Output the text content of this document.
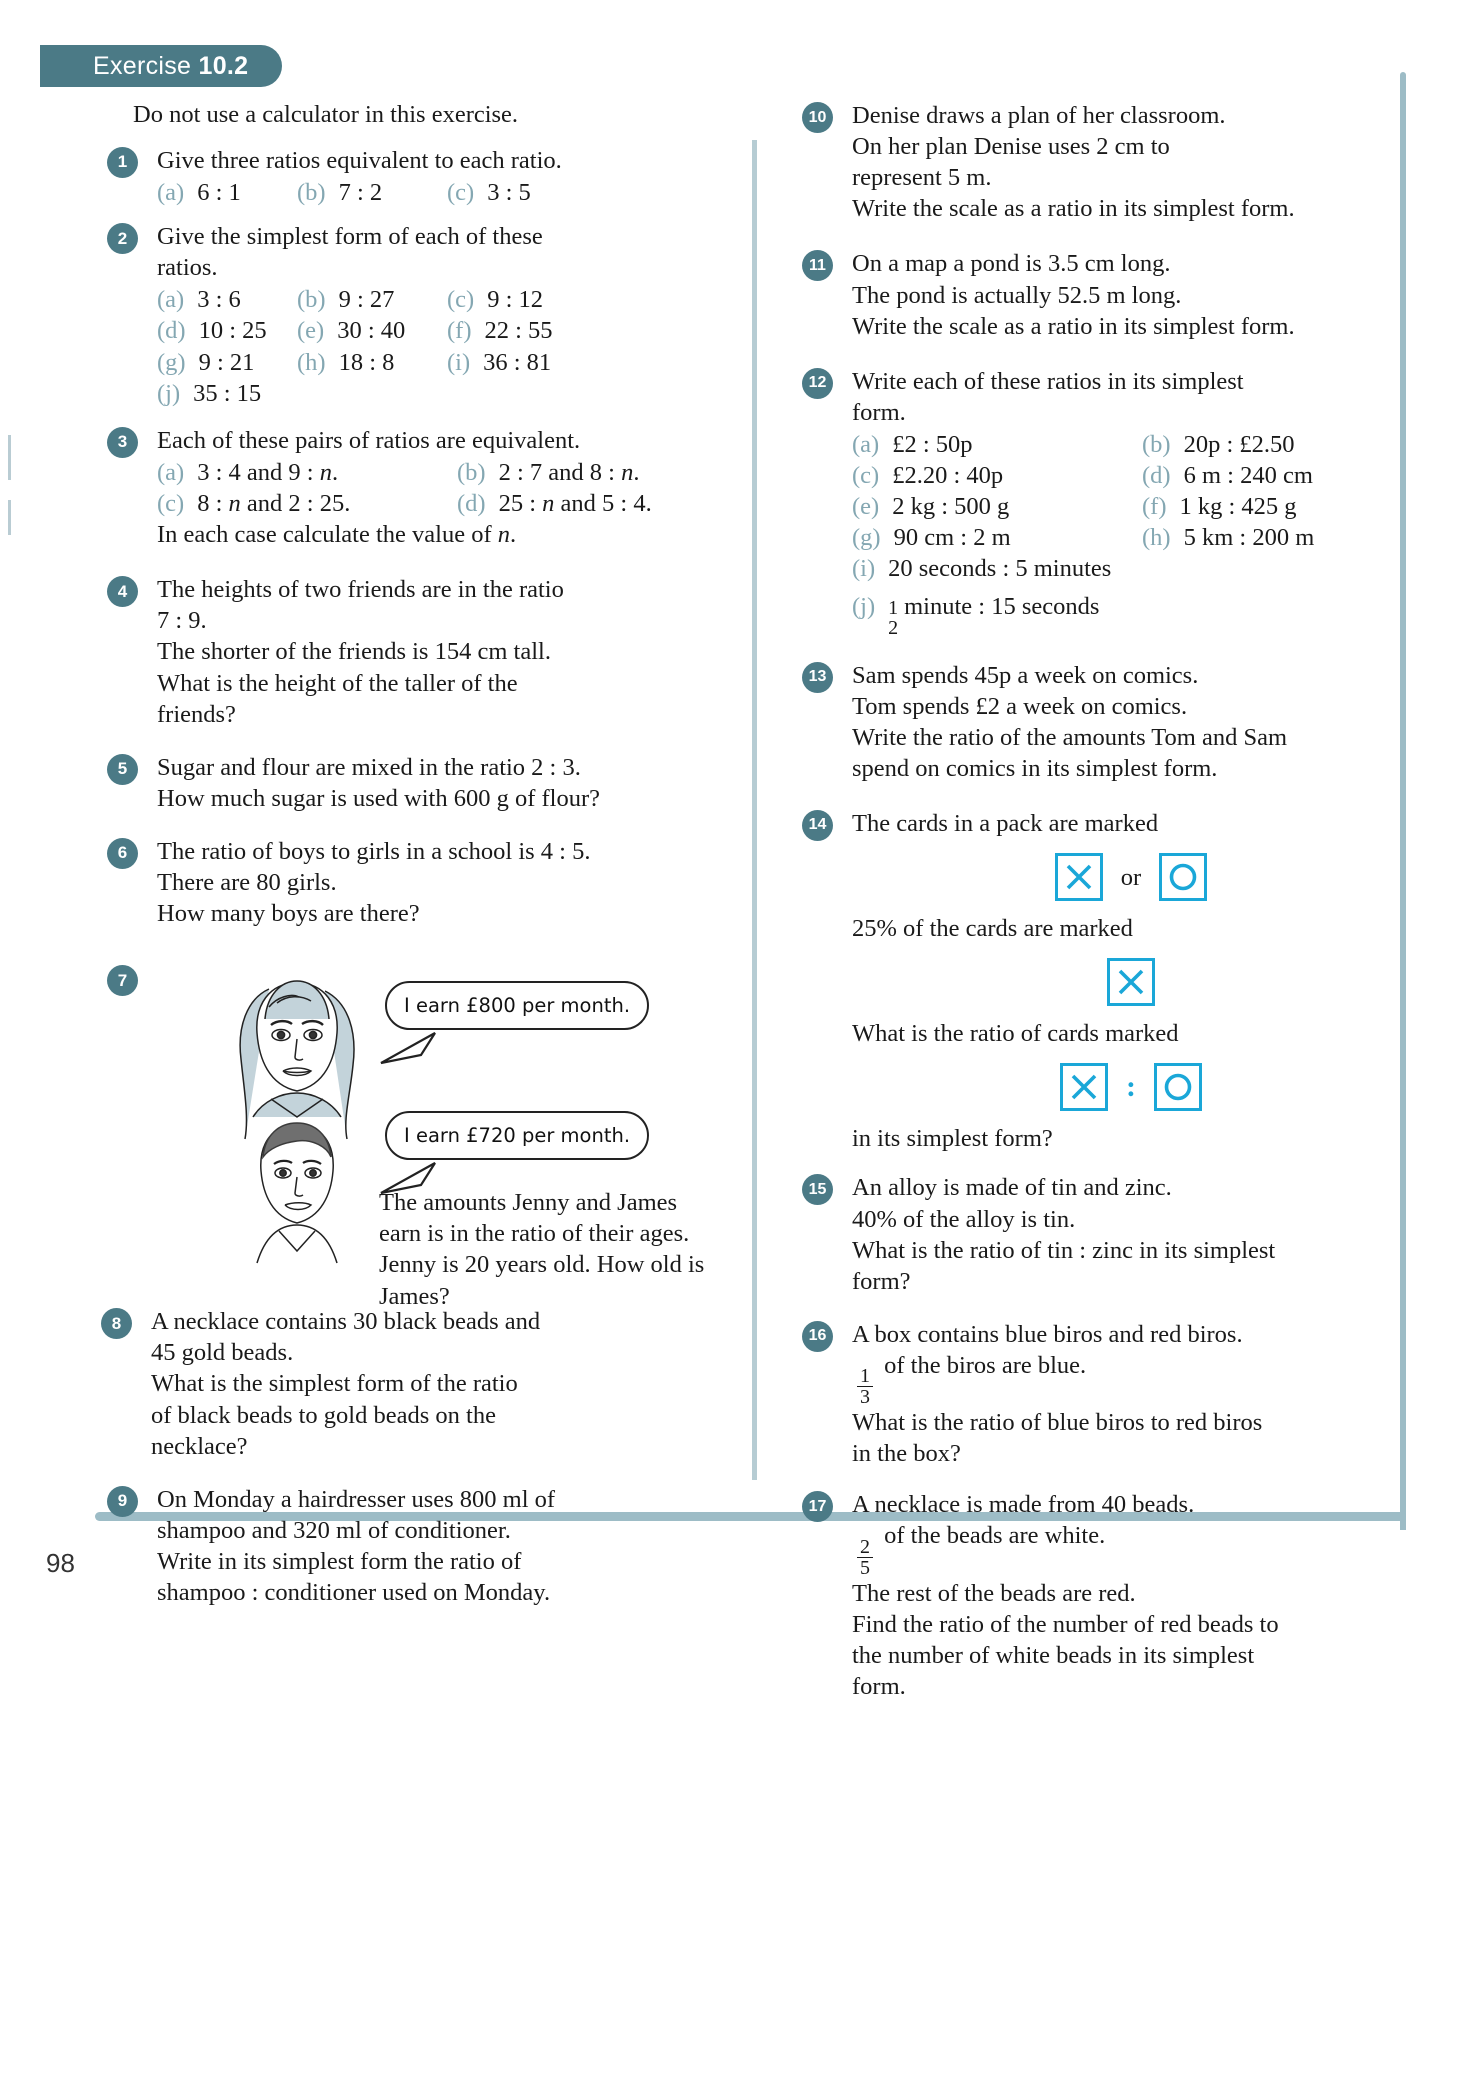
Exercise 10.2

Do not use a calculator in this exercise.

1	Give three ratios equivalent to each ratio.
(a) 6 : 1 (b) 7 : 2	(c) 3 : 5
2	Give the simplest form of each of these
ratios.
(a) 3 : 6 (b) 9 : 27 (c) 9 : 12
(d) 10 : 25 (e) 30 : 40 (f) 22 : 55
(g) 9 : 21 (h) 18 : 8 (i) 36 : 81
(j) 35 : 15
3	Each of these pairs of ratios are equivalent.
(a) 3 : 4 and 9 : n.	(b) 2 : 7 and 8 : n.
(c) 8 : n and 2 : 25.	(d) 25 : n and 5 : 4.
In each case calculate the value of n.
4	The heights of two friends are in the ratio
7 : 9.
The shorter of the friends is 154 cm tall.
What is the height of the taller of the
friends?
5	Sugar and flour are mixed in the ratio 2 : 3.
How much sugar is used with 600 g of flour?
6	The ratio of boys to girls in a school is 4 : 5.
There are 80 girls.
How many boys are there?
7
I earn £800 per month.
I earn £720 per month.
The amounts Jenny and James earn is in the ratio of their ages. Jenny is 20 years old. How old is James?
8	A necklace contains 30 black beads and
45 gold beads.
What is the simplest form of the ratio
of black beads to gold beads on the
necklace?
9	On Monday a hairdresser uses 800 ml of
shampoo and 320 ml of conditioner.
Write in its simplest form the ratio of
shampoo : conditioner used on Monday.
10 Denise draws a plan of her classroom.
On her plan Denise uses 2 cm to
represent 5 m.
Write the scale as a ratio in its simplest form.
11 On a map a pond is 3.5 cm long.
The pond is actually 52.5 m long.
Write the scale as a ratio in its simplest form.
12 Write each of these ratios in its simplest
form.
(a) £2 : 50p	(b) 20p : £2.50
(c) £2.20 : 40p	(d) 6 m : 240 cm
(e) 2 kg : 500 g	(f) 1 kg : 425 g
(g) 90 cm : 2 m	(h) 5 km : 200 m
(i) 20 seconds : 5 minutes
(j) 1
2
minute : 15 seconds
13 Sam spends 45p a week on comics.
Tom spends £2 a week on comics.
Write the ratio of the amounts Tom and Sam
spend on comics in its simplest form.
14 The cards in a pack are marked
or
25% of the cards are marked
What is the ratio of cards marked
:
in its simplest form?
15 An alloy is made of tin and zinc.
40% of the alloy is tin.
What is the ratio of tin : zinc in its simplest
form?
16 A box contains blue biros and red biros.
$\frac{1}{3}$
of the biros are blue.
What is the ratio of blue biros to red biros
in the box?
17 A necklace is made from 40 beads.
$\frac{2}{5}$
of the beads are white.
The rest of the beads are red.
Find the ratio of the number of red beads to
the number of white beads in its simplest
form.
98
